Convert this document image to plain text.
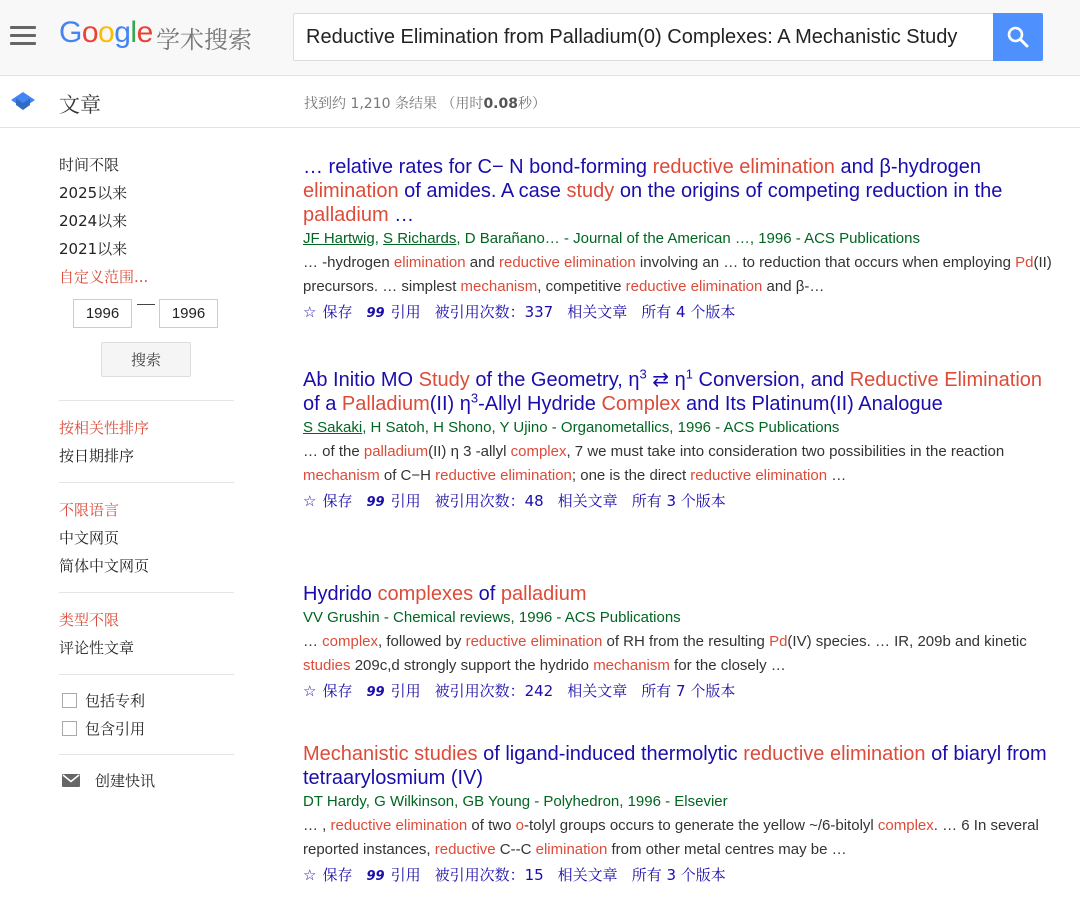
Google 学术搜索
Reductive Elimination from Palladium(0) Complexes: A Mechanistic Study
文章	找到约 1,210 条结果 （用时0.08秒）
时间不限
2025以来
2024以来
2021以来
自定义范围...
1996
1996
搜索
按相关性排序
按日期排序
不限语言
中文网页
简体中文网页
类型不限
评论性文章
包括专利
包含引用
创建快讯
… relative rates for C− N bond-forming reductive elimination and β-hydrogen elimination of amides. A case study on the origins of competing reduction in the palladium …
JF Hartwig, S Richards, D Barañano… - Journal of the American …, 1996 - ACS Publications
… -hydrogen elimination and reductive elimination involving an … to reduction that occurs when employing Pd(II) precursors. … simplest mechanism, competitive reductive elimination and β-…
☆ 保存 99 引用 被引用次数：337 相关文章 所有 4 个版本
Ab Initio MO Study of the Geometry, $\eta^3$ ⇄ $\eta^1$ Conversion, and Reductive Elimination of a Palladium(II) $\eta^3$-Allyl Hydride Complex and Its Platinum(II) Analogue
S Sakaki, H Satoh, H Shono, Y Ujino - Organometallics, 1996 - ACS Publications
… of the palladium(II) η 3 -allyl complex, 7 we must take into consideration two possibilities in the reaction mechanism of C−H reductive elimination; one is the direct reductive elimination …
☆ 保存 99 引用 被引用次数：48 相关文章 所有 3 个版本
Hydrido complexes of palladium
VV Grushin - Chemical reviews, 1996 - ACS Publications
… complex, followed by reductive elimination of RH from the resulting Pd(IV) species. … IR, 209b and kinetic studies 209c,d strongly support the hydrido mechanism for the closely …
☆ 保存 99 引用 被引用次数：242 相关文章 所有 7 个版本
Mechanistic studies of ligand-induced thermolytic reductive elimination of biaryl from tetraarylosmium (IV)
DT Hardy, G Wilkinson, GB Young - Polyhedron, 1996 - Elsevier
… , reductive elimination of two o-tolyl groups occurs to generate the yellow ~/6-bitolyl complex. … 6 In several reported instances, reductive C--C elimination from other metal centres may be …
☆ 保存 99 引用 被引用次数：15 相关文章 所有 3 个版本
